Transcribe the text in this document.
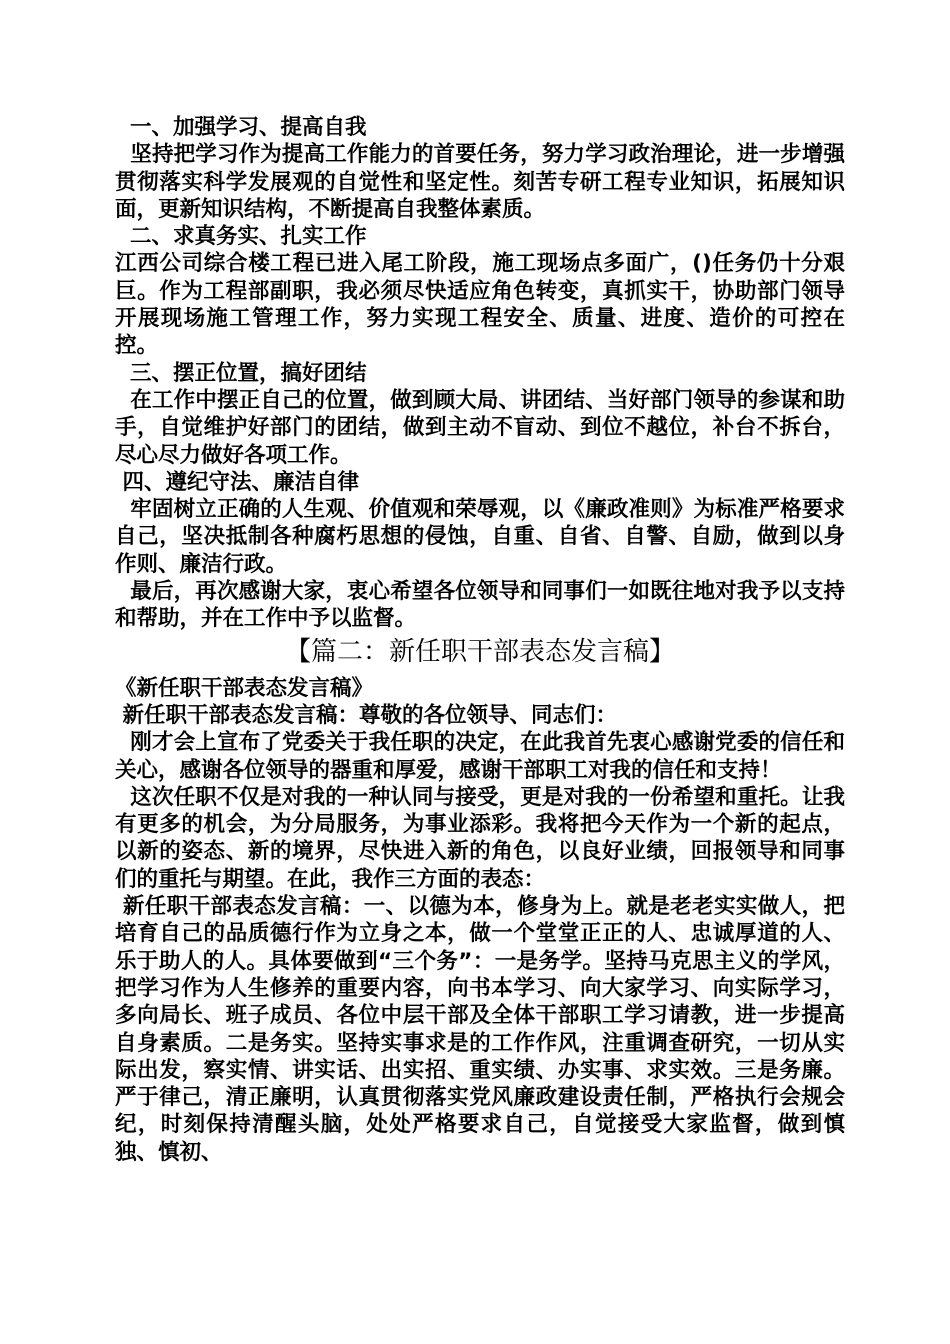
一、加强学习、提高自我

坚持把学习作为提高工作能力的首要任务，努力学习政治理论，进一步增强贯彻落实科学发展观的自觉性和坚定性。刻苦专研工程专业知识，拓展知识面，更新知识结构，不断提高自我整体素质。

二、求真务实、扎实工作

江西公司综合楼工程已进入尾工阶段，施工现场点多面广，()任务仍十分艰巨。作为工程部副职，我必须尽快适应角色转变，真抓实干，协助部门领导开展现场施工管理工作，努力实现工程安全、质量、进度、造价的可控在控。

三、摆正位置，搞好团结

在工作中摆正自己的位置，做到顾大局、讲团结、当好部门领导的参谋和助手，自觉维护好部门的团结，做到主动不盲动、到位不越位，补台不拆台，尽心尽力做好各项工作。

四、遵纪守法、廉洁自律

牢固树立正确的人生观、价值观和荣辱观，以《廉政准则》为标准严格要求自己，坚决抵制各种腐朽思想的侵蚀，自重、自省、自警、自励，做到以身作则、廉洁行政。

最后，再次感谢大家，衷心希望各位领导和同事们一如既往地对我予以支持和帮助，并在工作中予以监督。

【篇二：新任职干部表态发言稿】

《新任职干部表态发言稿》

新任职干部表态发言稿：尊敬的各位领导、同志们：

刚才会上宣布了党委关于我任职的决定，在此我首先衷心感谢党委的信任和关心，感谢各位领导的器重和厚爱，感谢干部职工对我的信任和支持！

这次任职不仅是对我的一种认同与接受，更是对我的一份希望和重托。让我有更多的机会，为分局服务，为事业添彩。我将把今天作为一个新的起点，以新的姿态、新的境界，尽快进入新的角色，以良好业绩，回报领导和同事们的重托与期望。在此，我作三方面的表态：

新任职干部表态发言稿：一、以德为本，修身为上。就是老老实实做人，把培育自己的品质德行作为立身之本，做一个堂堂正正的人、忠诚厚道的人、乐于助人的人。具体要做到“三个务”：一是务学。坚持马克思主义的学风，把学习作为人生修养的重要内容，向书本学习、向大家学习、向实际学习，多向局长、班子成员、各位中层干部及全体干部职工学习请教，进一步提高自身素质。二是务实。坚持实事求是的工作作风，注重调查研究，一切从实际出发，察实情、讲实话、出实招、重实绩、办实事、求实效。三是务廉。严于律己，清正廉明，认真贯彻落实党风廉政建设责任制，严格执行会规会纪，时刻保持清醒头脑，处处严格要求自己，自觉接受大家监督，做到慎独、慎初、
